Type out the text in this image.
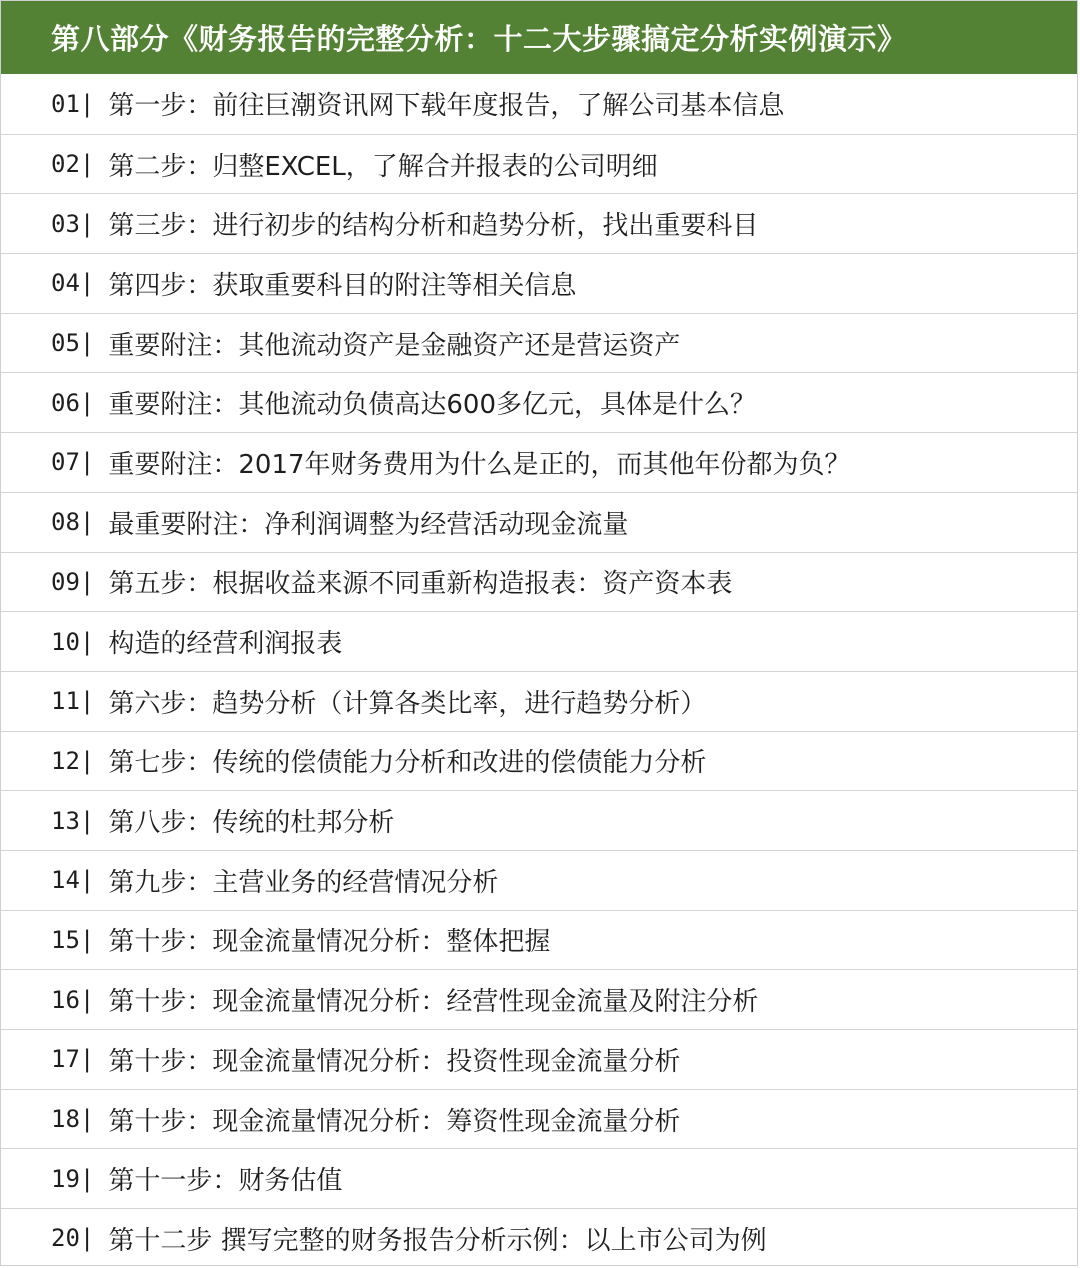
第八部分《财务报告的完整分析：十二大步骤搞定分析实例演示》
01 | 第一步：前往巨潮资讯网下载年度报告，了解公司基本信息
02 | 第二步：归整EXCEL，了解合并报表的公司明细
03 | 第三步：进行初步的结构分析和趋势分析，找出重要科目
04 | 第四步：获取重要科目的附注等相关信息
05 | 重要附注：其他流动资产是金融资产还是营运资产
06 | 重要附注：其他流动负债高达600多亿元，具体是什么？
07 | 重要附注：2017年财务费用为什么是正的，而其他年份都为负？
08 | 最重要附注：净利润调整为经营活动现金流量
09 | 第五步：根据收益来源不同重新构造报表：资产资本表
10 | 构造的经营利润报表
11 | 第六步：趋势分析（计算各类比率，进行趋势分析）
12 | 第七步：传统的偿债能力分析和改进的偿债能力分析
13 | 第八步：传统的杜邦分析
14 | 第九步：主营业务的经营情况分析
15 | 第十步：现金流量情况分析：整体把握
16 | 第十步：现金流量情况分析：经营性现金流量及附注分析
17 | 第十步：现金流量情况分析：投资性现金流量分析
18 | 第十步：现金流量情况分析：筹资性现金流量分析
19 | 第十一步：财务估值
20 | 第十二步 撰写完整的财务报告分析示例：以上市公司为例
